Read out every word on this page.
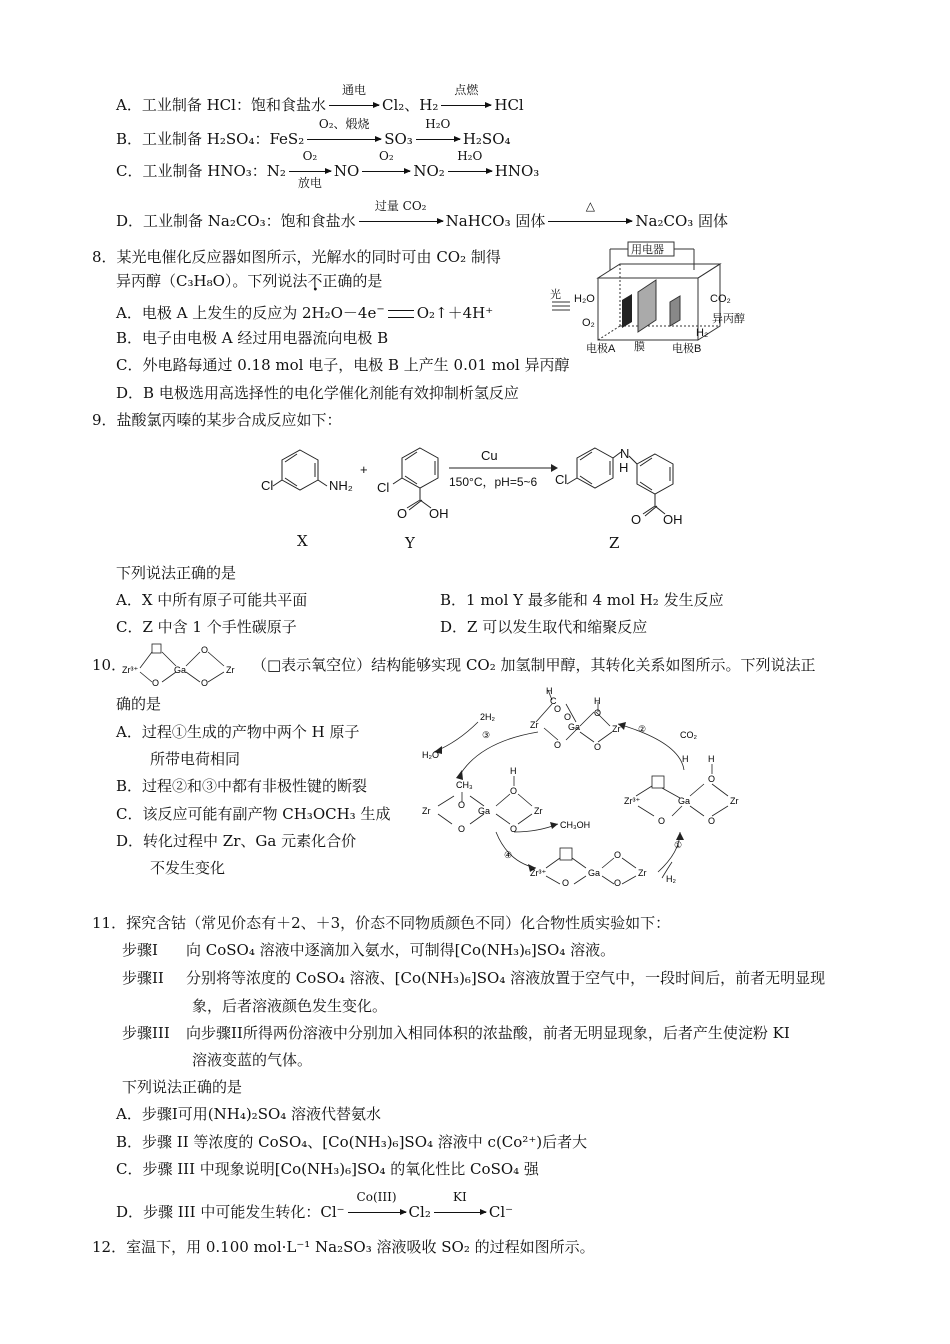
A．工业制备 HCl：饱和食盐水
通电
Cl₂、H₂
点燃
HCl
B．工业制备 H₂SO₄：FeS₂
O₂、煅烧
SO₃
H₂O
H₂SO₄
C．工业制备 HNO₃：N₂
O₂
放电
NO
O₂
NO₂
H₂O
HNO₃
D．工业制备 Na₂CO₃：饱和食盐水
过量 CO₂
NaHCO₃ 固体
△
Na₂CO₃ 固体
8．某光电催化反应器如图所示，光解水的同时可由 CO₂ 制得
异丙醇（C₃H₈O）。下列说法不正确的是
A．电极 A 上发生的反应为 2H₂O－4e− O₂↑＋4H⁺
B．电子由电极 A 经过用电器流向电极 B
C．外电路每通过 0.18 mol 电子，电极 B 上产生 0.01 mol 异丙醇
D．B 电极选用高选择性的电化学催化剂能有效抑制析氢反应
用电器
光 H₂O
O₂
CO₂
异丙醇
H₂
电极A 膜 电极B
9．盐酸氯丙嗪的某步合成反应如下：
Cl	NH₂
+
Cl
O OH
Cu
150°C，pH=5~6 Cl
N
H
O OH
X	Y	Z
下列说法正确的是
A．X 中所有原子可能共平面	B．1 mol Y 最多能和 4 mol H₂ 发生反应
C．Z 中含 1 个手性碳原子	D．Z 可以发生取代和缩聚反应
10．
Zr³⁺	Ga
O
O
O
Zr （□表示氧空位）结构能够实现 CO₂ 加氢制甲醇，其转化关系如图所示。下列说法正
确的是
A．过程①生成的产物中两个 H 原子
所带电荷相同
B．过程②和③中都有非极性键的断裂
C．该反应可能有副产物 CH₃OCH₃ 生成
D．转化过程中 Zr、Ga 元素化合价
不发生变化
H
C
Zr
O
O
Ga
O
H
O
O
Zr
2H₂
③
H₂O
CH₃
O
Zr	Ga
O
H
O
O
Zr
CH₃OH
④
②
CO₂
H H
O
Zr³⁺	Ga
O	O
Zr
①
H₂
Zr³⁺	Ga
O
O
O
Zr
11．探究含钴（常见价态有＋2、＋3，价态不同物质颜色不同）化合物性质实验如下：
步骤I 向 CoSO₄ 溶液中逐滴加入氨水，可制得[Co(NH₃)₆]SO₄ 溶液。
步骤II 分别将等浓度的 CoSO₄ 溶液、[Co(NH₃)₆]SO₄ 溶液放置于空气中，一段时间后，前者无明显现
象，后者溶液颜色发生变化。
步骤III 向步骤II所得两份溶液中分别加入相同体积的浓盐酸，前者无明显现象，后者产生使淀粉 KI
溶液变蓝的气体。
下列说法正确的是
A．步骤I可用(NH₄)₂SO₄ 溶液代替氨水
B．步骤 II 等浓度的 CoSO₄、[Co(NH₃)₆]SO₄ 溶液中 c(Co²⁺)后者大
C．步骤 III 中现象说明[Co(NH₃)₆]SO₄ 的氧化性比 CoSO₄ 强
D．步骤 III 中可能发生转化：Cl⁻
Co(III)
Cl₂
KI
Cl⁻
12．室温下，用 0.100 mol·L⁻¹ Na₂SO₃ 溶液吸收 SO₂ 的过程如图所示。
